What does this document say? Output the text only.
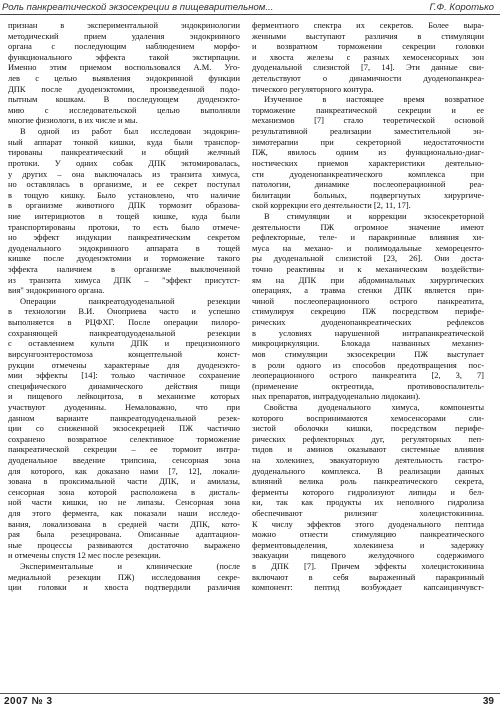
Роль панкреатической экзосекреции в пищеварительном...	Г.Ф. Коротько
признан в экспериментальной эндокринологии
методический прием удаления эндокринного
органа с последующим наблюдением морфо-
функционального эффекта такой экстирпации.
Именно этим приемом воспользовался А.М. Уго-
лев с целью выявления эндокринной функции
ДПК после дуоденэктомии, произведенной подо-
пытным кошкам. В последующем дуоденэкто-
мию с исследовательской целью выполняли
многие физиологи, в их числе и мы.
В одной из работ был исследован эндокрин-
ный аппарат тонкой кишки, куда были транспор-
тированы панкреатический и общий желчный
протоки. У одних собак ДПК эктомировалась,
у других – она выключалась из транзита химуса,
но оставлялась в организме, и ее секрет поступал
в тощую кишку. Было установлено, что наличие
в организме животного ДПК тормозит образова-
ние интерициотов в тощей кишке, куда были
транспортированы протоки, то есть было отмече-
но эффект индукции панкреатическим секретом
дуоденального эндокринного аппарата в тощей
кишке после дуоденэктомии и торможение такого
эффекта наличием в организме выключенной
из транзита химуса ДПК – "эффект присутст-
вия" эндокринного органа.
Операции панкреатодуоденальной резекции
в технологии В.И. Оноприева часто и успешно
выполняется в РЦФХГ. После операции пилоро-
сохраняющей панкреатодуоденальной резекции
с оставлением культи ДПК и прецизионного
вирсунгоэнтеростомоза концептельной конст-
рукции отмечены характерные для дуоденэкто-
мии эффекты [14]: только частичное сохранение
специфического динамического действия пищи
и пищевого лейкоцитоза, в механизме которых
участвуют дуоденины. Немаловажно, что при
данном варианте панкреатодуоденальной резек-
ции со сниженной экзосекрецией ПЖ частично
сохранено возвратное селективное торможение
панкреатической секреции – ее тормоит интра-
дуоденальное введение трипсина, сенсорная зона
для которого, как доказано нами [7, 12], локали-
зована в проксимальной части ДПК, и амилазы,
сенсорная зона которой расположена в дисталь-
ной части кишки, но не липазы. Сенсорная зона
для этого фермента, как показали наши исследо-
вания, локализована в средней части ДПК, кото-
рая была резецирована. Описанные адаптацион-
ные процессы развиваются достаточно выражено
и отмечены спустя 12 мес после резекции.
Экспериментальные и клинические (после
медиальной резекции ПЖ) исследования секре-
ции головки и хвоста подтвердили различия
ферментного спектра их секретов. Более выра-
женными выступают различия в стимуляции
и возвратном торможении секреции головки
и хвоста железы с разных хемосенсорных зон
дуоденальной слизистой [7, 14]. Эти данные сви-
детельствуют о динамичности дуоденопанкреа-
тического регуляторного контура.
Изученное в настоящее время возвратное
торможение панкреатической секреции и ее
механизмов [7] стало теоретической основой
результативной реализации заместительной эн-
зимотерапии при секреторной недостаточности
ПЖ, явилось одним из функционально-диаг-
ностических приемов характеристики деятельно-
сти дуоденопанкреатического комплекса при
патологии, динамике послеоперационной реа-
билитации больных, подвергнутых хирургиче-
ской коррекции его деятельности [2, 11, 17].
В стимуляции и коррекции экзосекреторной
деятельности ПЖ огромное значение имеют
рефлекторные, теле- и паракринные влияния хи-
муса на механо- и полимодальные хемореценто-
ры дуоденальной слизистой [23, 26]. Они доста-
точно реактивны и к механическим воздействи-
ям на ДПК при абдоминальных хирургических
операциях, а травма стенки ДПК является при-
чиной послеоперационного острого панкреатита,
стимулируя секрецию ПЖ посредством перифе-
рических дуоденопанкреатических рефлексов
в условиях нарушенной интрапанкреатической
микроциркуляции. Блокада названных механиз-
мов стимуляции экзосекреции ПЖ выступает
в роли одного из способов предотвращения пос-
леоперационного острого панкреатита [2, 3, 7]
(применение октреотида, противовоспалитель-
ных препаратов, интрадуоденально лидокаин).
Свойства дуоденального химуса, компоненты
которого воспринимаются хемосенсорами сли-
зистой оболочки кишки, посредством перифе-
рических рефлекторных дуг, регуляторных пеп-
тидов и аминов оказывают системные влияния
на холекинез, эвакуаторную деятельность гастро-
дуоденального комплекса. В реализации данных
влияний велика роль панкреатического секрета,
ферменты которого гидролизуют липиды и бел-
ки, так как продукты их неполного гидролиза
обеспечивают рилизинг холецистокинина.
К числу эффектов этого дуоденального пептида
можно отнести стимуляцию панкреатического
ферментовыделения, холекинеза и задержку
эвакуации пищевого желудочного содержимого
в ДПК [7]. Причем эффекты холецистокинина
включают в себя выраженный паракринный
компонент: пептид возбуждает капсаицинчувст-
2007 № 3	39
